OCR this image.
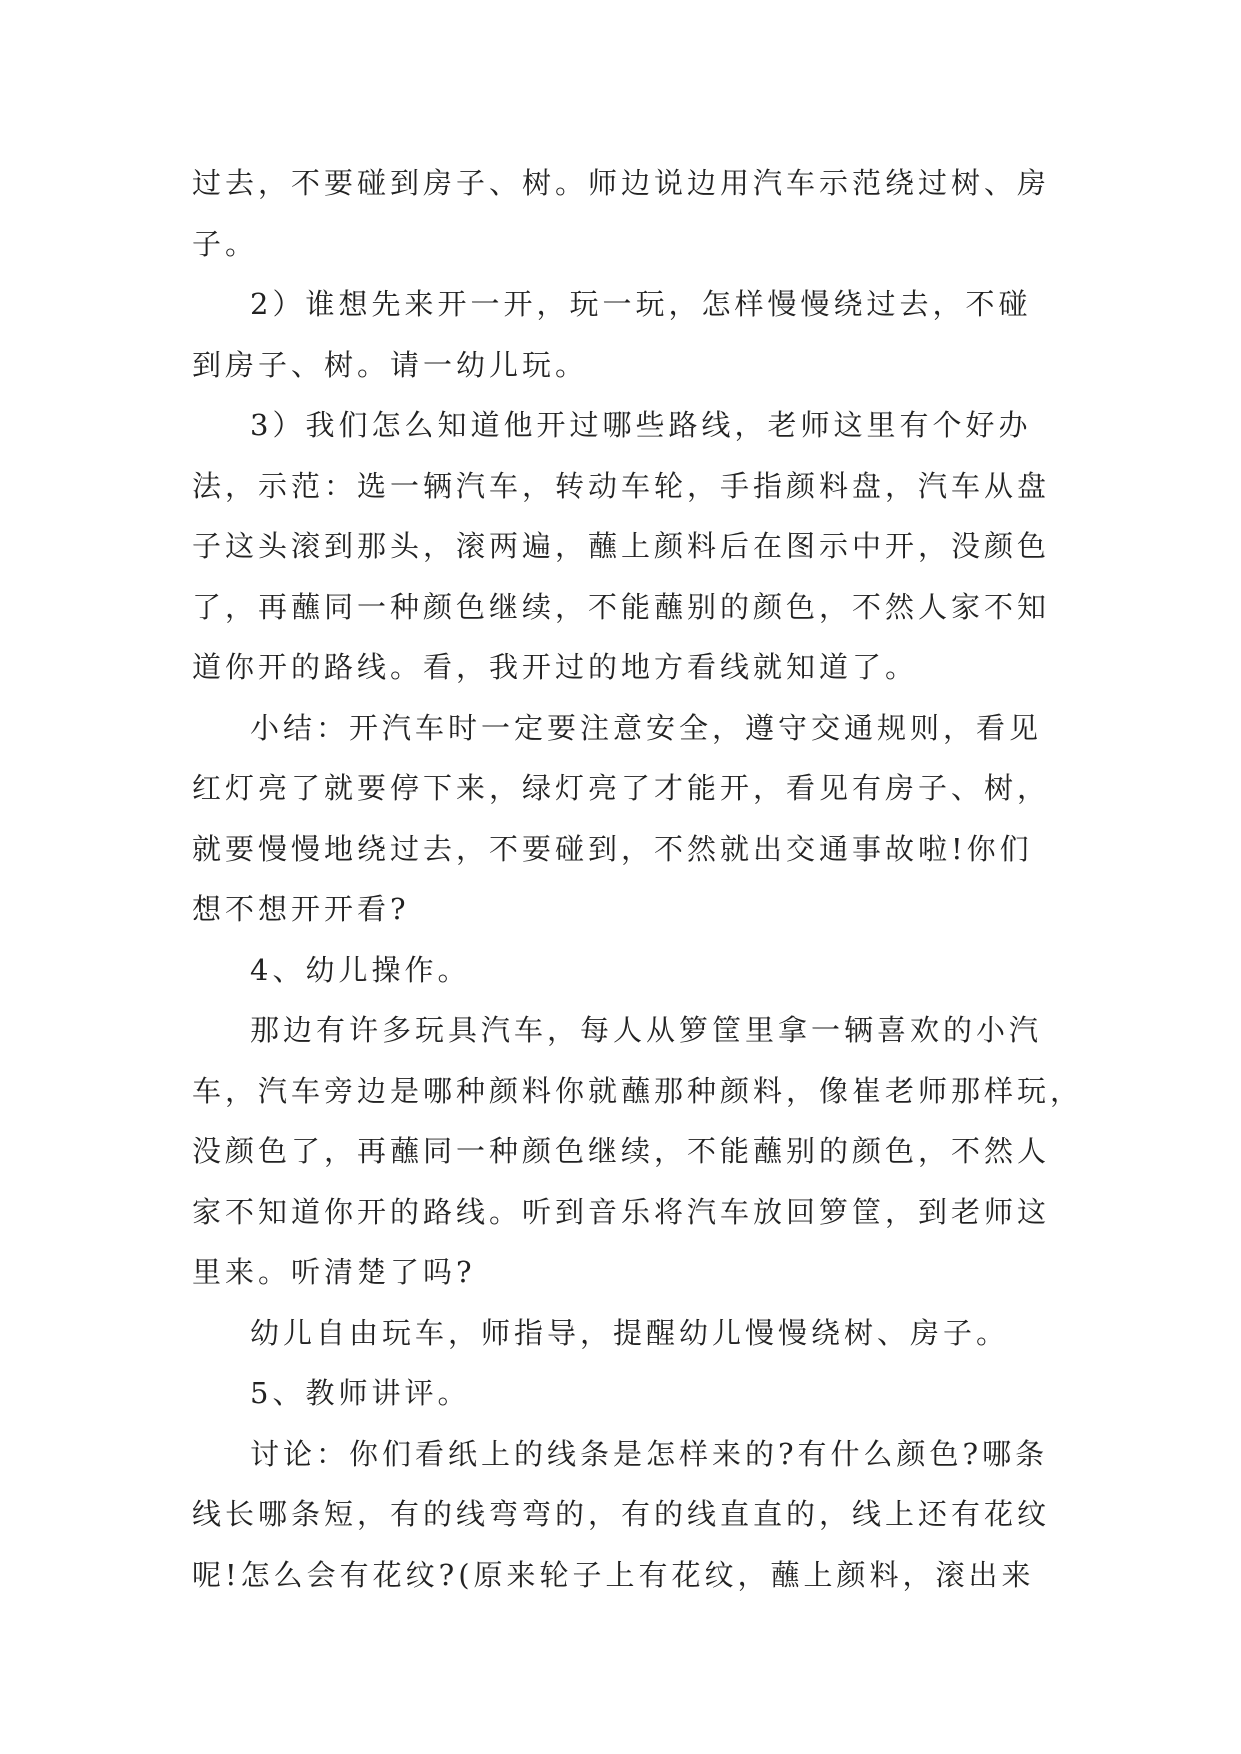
过去，不要碰到房子、树。师边说边用汽车示范绕过树、房
子。

2）谁想先来开一开，玩一玩，怎样慢慢绕过去，不碰
到房子、树。请一幼儿玩。

3）我们怎么知道他开过哪些路线，老师这里有个好办
法，示范：选一辆汽车，转动车轮，手指颜料盘，汽车从盘
子这头滚到那头，滚两遍，蘸上颜料后在图示中开，没颜色
了，再蘸同一种颜色继续，不能蘸别的颜色，不然人家不知
道你开的路线。看，我开过的地方看线就知道了。

小结：开汽车时一定要注意安全，遵守交通规则，看见
红灯亮了就要停下来，绿灯亮了才能开，看见有房子、树，
就要慢慢地绕过去，不要碰到，不然就出交通事故啦!你们
想不想开开看?

4、幼儿操作。

那边有许多玩具汽车，每人从箩筐里拿一辆喜欢的小汽
车，汽车旁边是哪种颜料你就蘸那种颜料，像崔老师那样玩，
没颜色了，再蘸同一种颜色继续，不能蘸别的颜色，不然人
家不知道你开的路线。听到音乐将汽车放回箩筐，到老师这
里来。听清楚了吗?

幼儿自由玩车，师指导，提醒幼儿慢慢绕树、房子。

5、教师讲评。

讨论：你们看纸上的线条是怎样来的?有什么颜色?哪条
线长哪条短，有的线弯弯的，有的线直直的，线上还有花纹
呢!怎么会有花纹?(原来轮子上有花纹，蘸上颜料，滚出来
